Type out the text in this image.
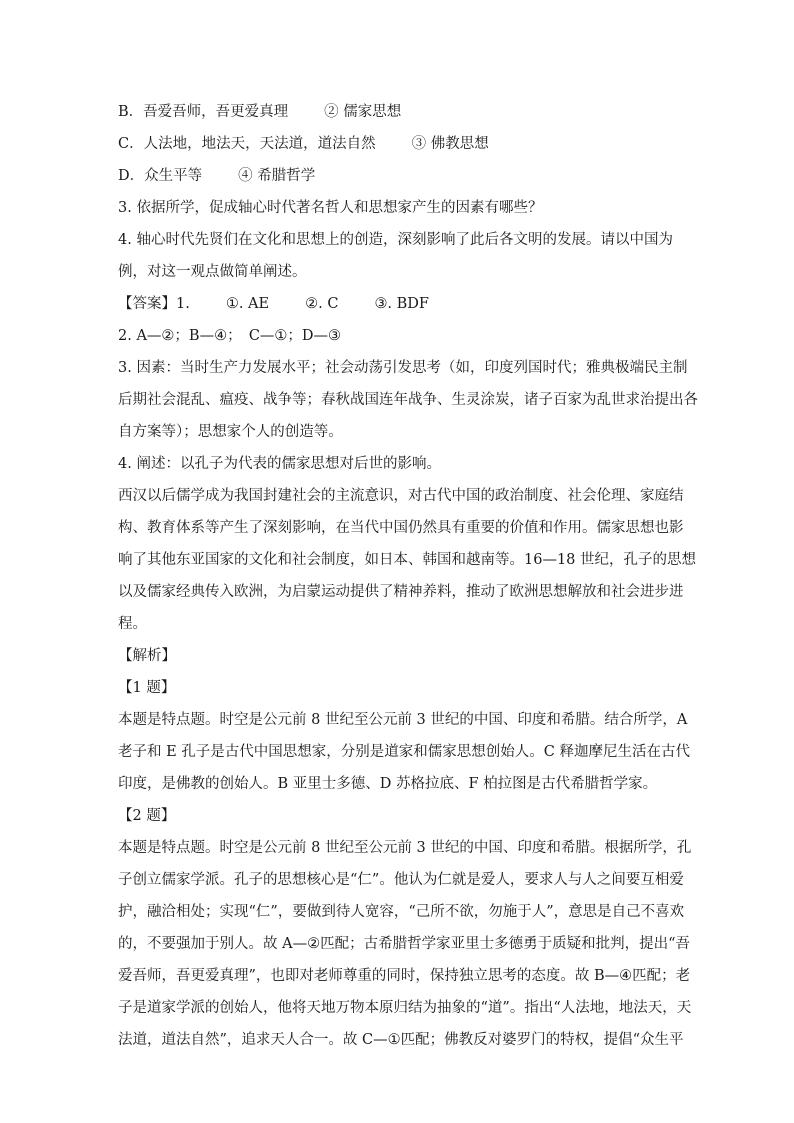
B．吾爱吾师，吾更爱真理 ② 儒家思想
C．人法地，地法天，天法道，道法自然 ③ 佛教思想
D．众生平等 ④ 希腊哲学
3. 依据所学，促成轴心时代著名哲人和思想家产生的因素有哪些？
4. 轴心时代先贤们在文化和思想上的创造，深刻影响了此后各文明的发展。请以中国为
例，对这一观点做简单阐述。
【答案】1. ①. AE ②. C ③. BDF
2. A—②；B—④；　C—①；D—③
3. 因素：当时生产力发展水平；社会动荡引发思考（如，印度列国时代；雅典极端民主制
后期社会混乱、瘟疫、战争等；春秋战国连年战争、生灵涂炭，诸子百家为乱世求治提出各
自方案等）；思想家个人的创造等。
4. 阐述：以孔子为代表的儒家思想对后世的影响。
西汉以后儒学成为我国封建社会的主流意识，对古代中国的政治制度、社会伦理、家庭结
构、教育体系等产生了深刻影响，在当代中国仍然具有重要的价值和作用。儒家思想也影
响了其他东亚国家的文化和社会制度，如日本、韩国和越南等。16—18 世纪，孔子的思想
以及儒家经典传入欧洲，为启蒙运动提供了精神养料，推动了欧洲思想解放和社会进步进
程。
【解析】
【1 题】
本题是特点题。时空是公元前 8 世纪至公元前 3 世纪的中国、印度和希腊。结合所学，A
老子和 E 孔子是古代中国思想家，分别是道家和儒家思想创始人。C 释迦摩尼生活在古代
印度，是佛教的创始人。B 亚里士多德、D 苏格拉底、F 柏拉图是古代希腊哲学家。
【2 题】
本题是特点题。时空是公元前 8 世纪至公元前 3 世纪的中国、印度和希腊。根据所学，孔
子创立儒家学派。孔子的思想核心是“仁”。他认为仁就是爱人，要求人与人之间要互相爱
护，融洽相处；实现“仁”，要做到待人宽容，“己所不欲，勿施于人”，意思是自己不喜欢
的，不要强加于别人。故 A—②匹配；古希腊哲学家亚里士多德勇于质疑和批判，提出“吾
爱吾师，吾更爱真理”，也即对老师尊重的同时，保持独立思考的态度。故 B—④匹配；老
子是道家学派的创始人，他将天地万物本原归结为抽象的“道”。指出“人法地，地法天，天
法道，道法自然”，追求天人合一。故 C—①匹配；佛教反对婆罗门的特权，提倡“众生平
